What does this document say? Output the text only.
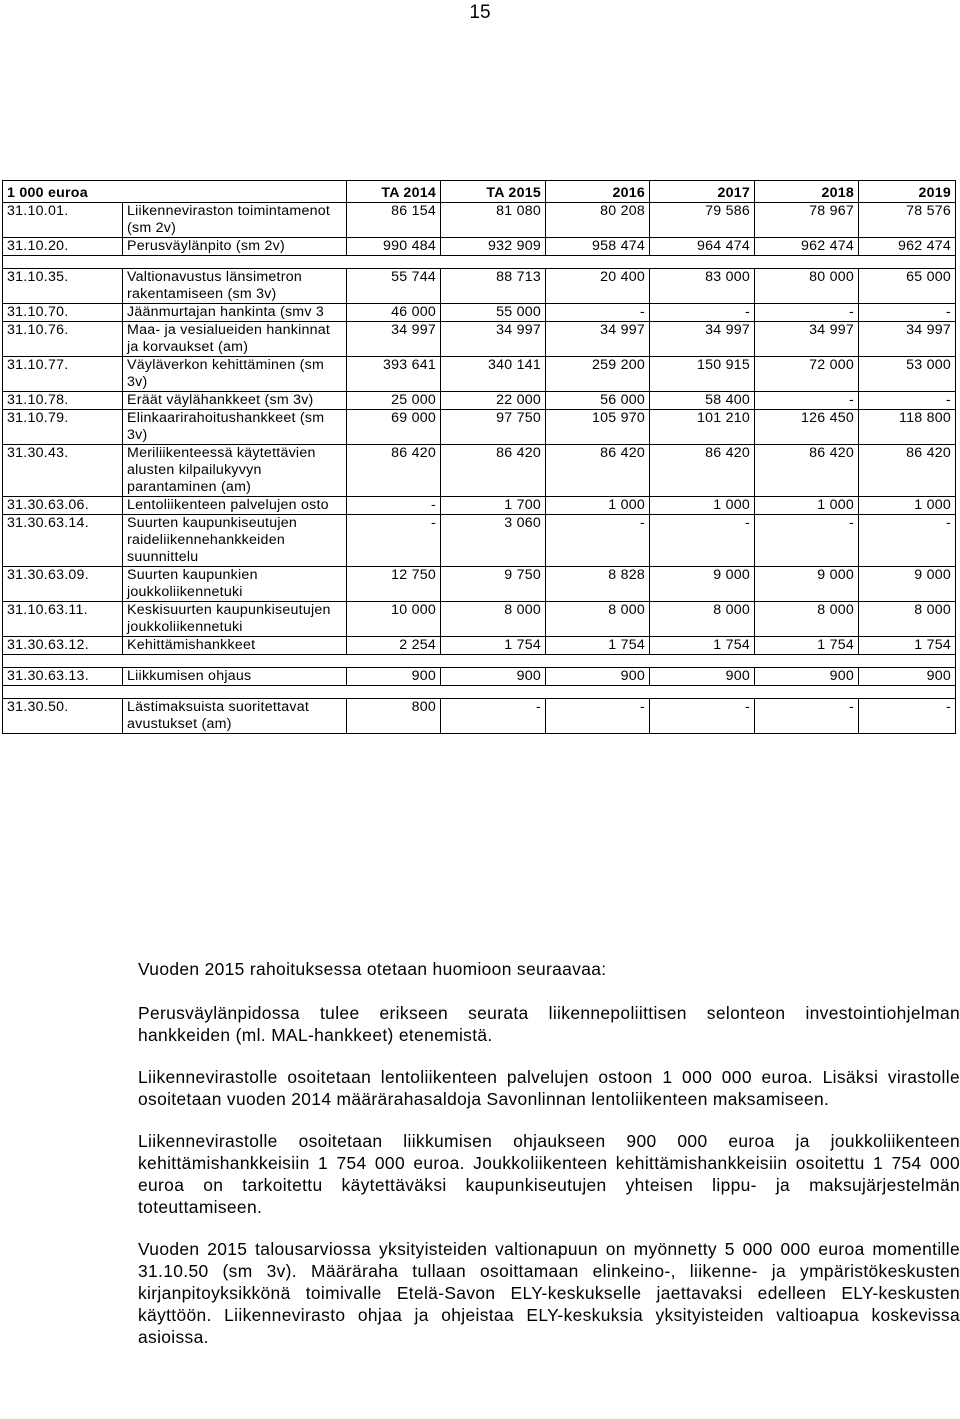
15
1 000 euroa		TA 2014	TA 2015	2016	2017	2018	2019
31.10.01.	Liikenneviraston toimintamenot (sm 2v)	86 154	81 080	80 208	79 586	78 967	78 576
31.10.20.	Perusväylänpito (sm 2v)	990 484	932 909	958 474	964 474	962 474	962 474

31.10.35.	Valtionavustus länsimetron rakentamiseen (sm 3v)	55 744	88 713	20 400	83 000	80 000	65 000
31.10.70.	Jäänmurtajan hankinta (smv 3	46 000	55 000	-	-	-	-
31.10.76.	Maa- ja vesialueiden hankinnat ja korvaukset (am)	34 997	34 997	34 997	34 997	34 997	34 997
31.10.77.	Väyläverkon kehittäminen (sm 3v)	393 641	340 141	259 200	150 915	72 000	53 000
31.10.78.	Eräät väylähankkeet (sm 3v)	25 000	22 000	56 000	58 400	-	-
31.10.79.	Elinkaarirahoitushankkeet (sm 3v)	69 000	97 750	105 970	101 210	126 450	118 800
31.30.43.	Meriliikenteessä käytettävien alusten kilpailukyvyn parantaminen (am)	86 420	86 420	86 420	86 420	86 420	86 420
31.30.63.06.	Lentoliikenteen palvelujen osto	-	1 700	1 000	1 000	1 000	1 000
31.30.63.14.	Suurten kaupunkiseutujen raideliikennehankkeiden suunnittelu	-	3 060	-	-	-	-
31.30.63.09.	Suurten kaupunkien joukkoliikennetuki	12 750	9 750	8 828	9 000	9 000	9 000
31.10.63.11.	Keskisuurten kaupunkiseutujen joukkoliikennetuki	10 000	8 000	8 000	8 000	8 000	8 000
31.30.63.12.	Kehittämishankkeet	2 254	1 754	1 754	1 754	1 754	1 754

31.30.63.13.	Liikkumisen ohjaus	900	900	900	900	900	900

31.30.50.	Lästimaksuista suoritettavat avustukset (am)	800	-	-	-	-	-

Vuoden 2015 rahoituksessa otetaan huomioon seuraavaa:

Perusväylänpidossa tulee erikseen seurata liikennepoliittisen selonteon investointiohjelman hankkeiden (ml. MAL-hankkeet) etenemistä.

Liikennevirastolle osoitetaan lentoliikenteen palvelujen ostoon 1 000 000 euroa. Lisäksi virastolle osoitetaan vuoden 2014 määrärahasaldoja Savonlinnan lentoliikenteen maksamiseen.

Liikennevirastolle osoitetaan liikkumisen ohjaukseen 900 000 euroa ja joukkoliikenteen kehittämishankkeisiin 1 754 000 euroa. Joukkoliikenteen kehittämishankkeisiin osoitettu 1 754 000 euroa on tarkoitettu käytettäväksi kaupunkiseutujen yhteisen lippu- ja maksujärjestelmän toteuttamiseen.

Vuoden 2015 talousarviossa yksityisteiden valtionapuun on myönnetty 5 000 000 euroa momentille 31.10.50 (sm 3v). Määräraha tullaan osoittamaan elinkeino-, liikenne- ja ympäristökeskusten kirjanpitoyksikkönä toimivalle Etelä-Savon ELY-keskukselle jaettavaksi edelleen ELY-keskusten käyttöön. Liikennevirasto ohjaa ja ohjeistaa ELY-keskuksia yksityisteiden valtioapua koskevissa asioissa.
